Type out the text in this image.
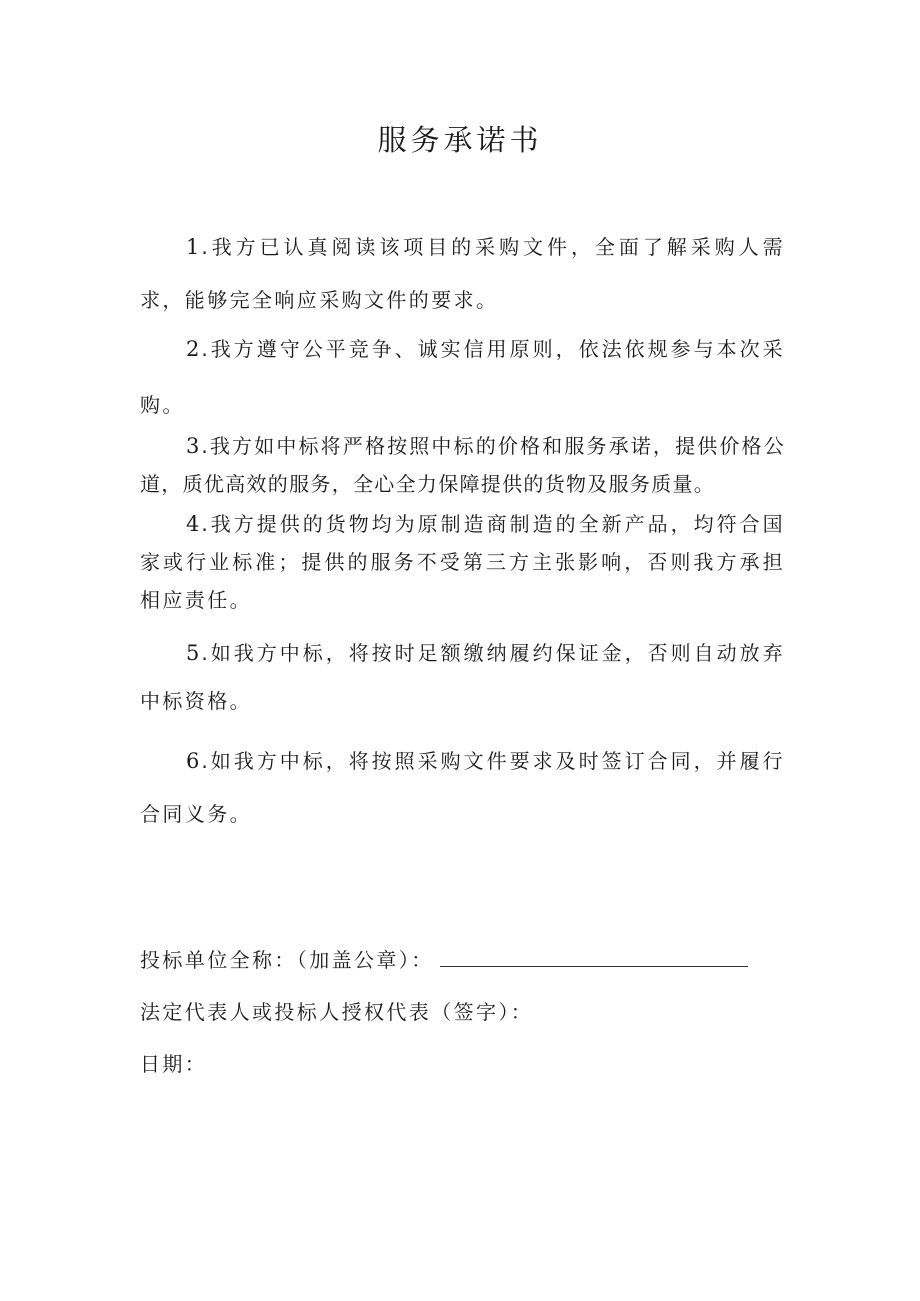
服务承诺书

1.我方已认真阅读该项目的采购文件，全面了解采购人需求，能够完全响应采购文件的要求。

2.我方遵守公平竞争、诚实信用原则，依法依规参与本次采购。

3.我方如中标将严格按照中标的价格和服务承诺，提供价格公道，质优高效的服务，全心全力保障提供的货物及服务质量。

4.我方提供的货物均为原制造商制造的全新产品，均符合国家或行业标准；提供的服务不受第三方主张影响，否则我方承担相应责任。

5.如我方中标，将按时足额缴纳履约保证金，否则自动放弃中标资格。

6.如我方中标，将按照采购文件要求及时签订合同，并履行合同义务。

投标单位全称：（加盖公章）：

法定代表人或投标人授权代表（签字）：

日期：
